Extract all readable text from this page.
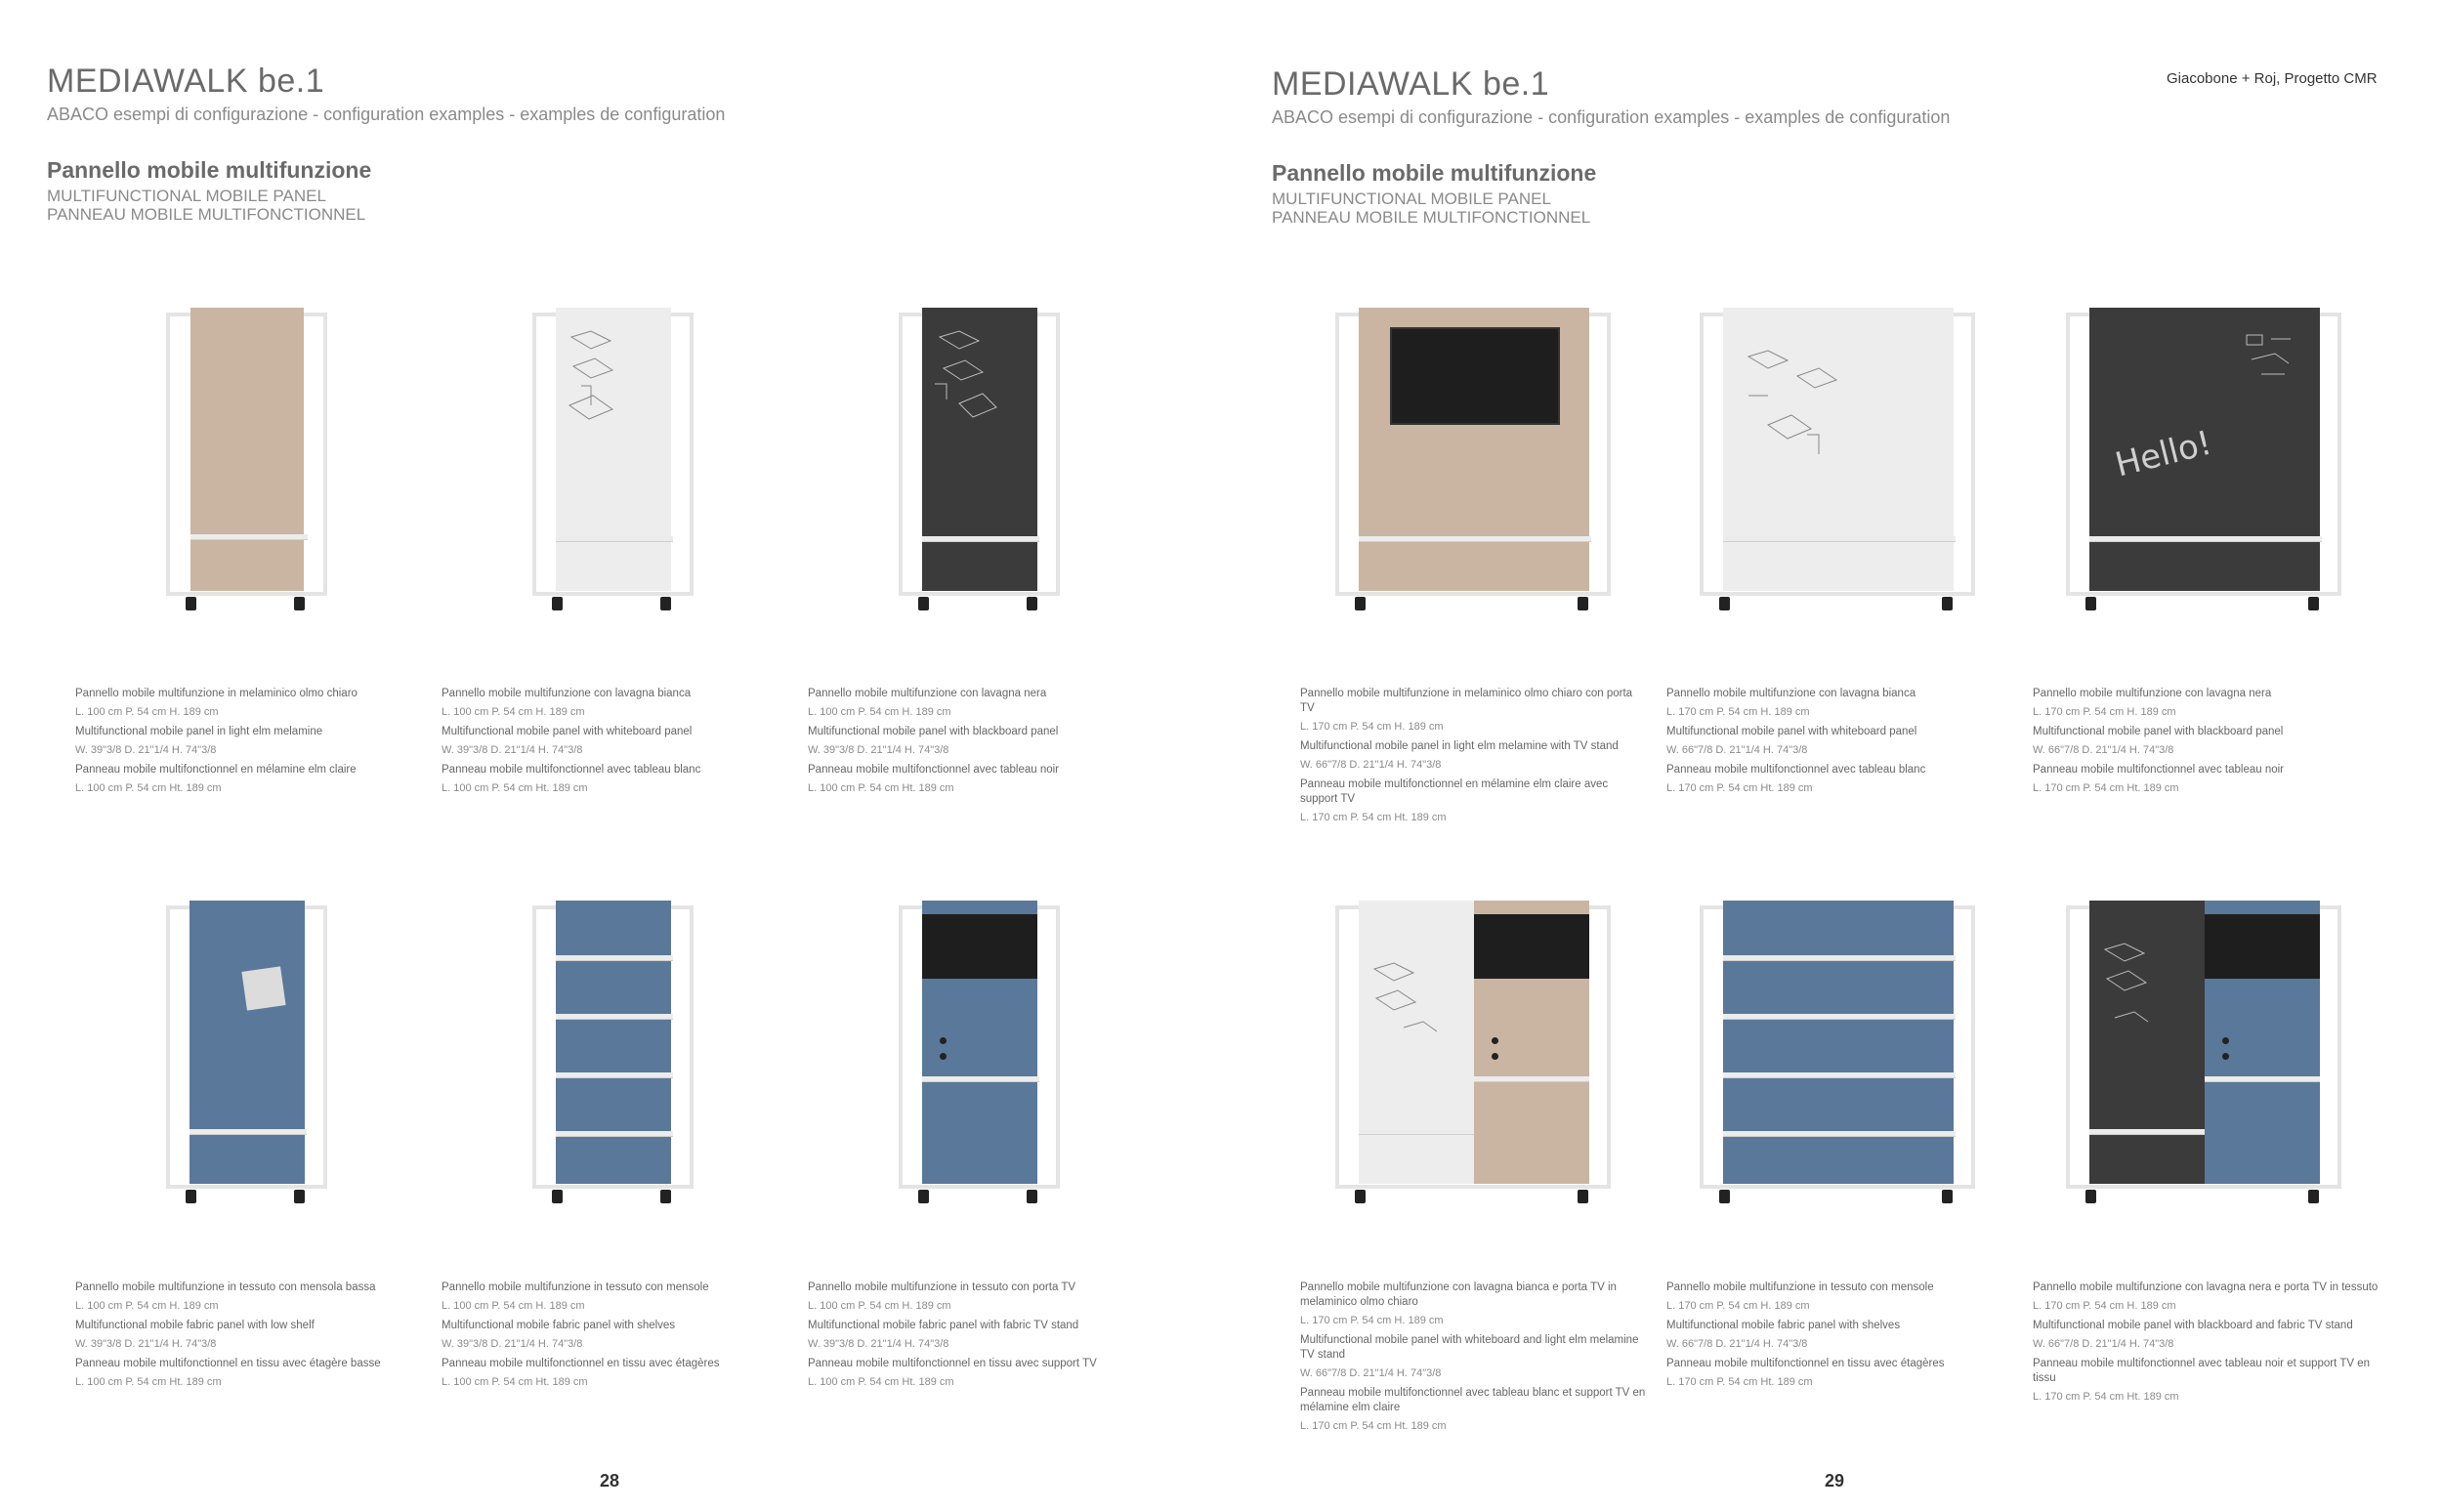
MEDIAWALK be.1
ABACO esempi di configurazione - configuration examples - examples de configuration
Pannello mobile multifunzione
MULTIFUNCTIONAL MOBILE PANEL
PANNEAU MOBILE MULTIFONCTIONNEL

Pannello mobile multifunzione in melaminico olmo chiaro

L. 100 cm P. 54 cm H. 189 cm

Multifunctional mobile panel in light elm melamine

W. 39"3/8 D. 21"1/4 H. 74"3/8

Panneau mobile multifonctionnel en mélamine elm claire

L. 100 cm P. 54 cm Ht. 189 cm

Pannello mobile multifunzione con lavagna bianca

L. 100 cm P. 54 cm H. 189 cm

Multifunctional mobile panel with whiteboard panel

W. 39"3/8 D. 21"1/4 H. 74"3/8

Panneau mobile multifonctionnel avec tableau blanc

L. 100 cm P. 54 cm Ht. 189 cm

Pannello mobile multifunzione con lavagna nera

L. 100 cm P. 54 cm H. 189 cm

Multifunctional mobile panel with blackboard panel

W. 39"3/8 D. 21"1/4 H. 74"3/8

Panneau mobile multifonctionnel avec tableau noir

L. 100 cm P. 54 cm Ht. 189 cm

Pannello mobile multifunzione in tessuto con mensola bassa

L. 100 cm P. 54 cm H. 189 cm

Multifunctional mobile fabric panel with low shelf

W. 39"3/8 D. 21"1/4 H. 74"3/8

Panneau mobile multifonctionnel en tissu avec étagère basse

L. 100 cm P. 54 cm Ht. 189 cm

Pannello mobile multifunzione in tessuto con mensole

L. 100 cm P. 54 cm H. 189 cm

Multifunctional mobile fabric panel with shelves

W. 39"3/8 D. 21"1/4 H. 74"3/8

Panneau mobile multifonctionnel en tissu avec étagères

L. 100 cm P. 54 cm Ht. 189 cm

Pannello mobile multifunzione in tessuto con porta TV

L. 100 cm P. 54 cm H. 189 cm

Multifunctional mobile fabric panel with fabric TV stand

W. 39"3/8 D. 21"1/4 H. 74"3/8

Panneau mobile multifonctionnel en tissu avec support TV

L. 100 cm P. 54 cm Ht. 189 cm

28
MEDIAWALK be.1
ABACO esempi di configurazione - configuration examples - examples de configuration
Giacobone + Roj, Progetto CMR
Pannello mobile multifunzione
MULTIFUNCTIONAL MOBILE PANEL
PANNEAU MOBILE MULTIFONCTIONNEL
Hello!

Pannello mobile multifunzione in melaminico olmo chiaro con porta TV

L. 170 cm P. 54 cm H. 189 cm

Multifunctional mobile panel in light elm melamine with TV stand

W. 66"7/8 D. 21"1/4 H. 74"3/8

Panneau mobile multifonctionnel en mélamine elm claire avec support TV

L. 170 cm P. 54 cm Ht. 189 cm

Pannello mobile multifunzione con lavagna bianca

L. 170 cm P. 54 cm H. 189 cm

Multifunctional mobile panel with whiteboard panel

W. 66"7/8 D. 21"1/4 H. 74"3/8

Panneau mobile multifonctionnel avec tableau blanc

L. 170 cm P. 54 cm Ht. 189 cm

Pannello mobile multifunzione con lavagna nera

L. 170 cm P. 54 cm H. 189 cm

Multifunctional mobile panel with blackboard panel

W. 66"7/8 D. 21"1/4 H. 74"3/8

Panneau mobile multifonctionnel avec tableau noir

L. 170 cm P. 54 cm Ht. 189 cm

Pannello mobile multifunzione con lavagna bianca e porta TV in melaminico olmo chiaro

L. 170 cm P. 54 cm H. 189 cm

Multifunctional mobile panel with whiteboard and light elm melamine TV stand

W. 66"7/8 D. 21"1/4 H. 74"3/8

Panneau mobile multifonctionnel avec tableau blanc et support TV en mélamine elm claire

L. 170 cm P. 54 cm Ht. 189 cm

Pannello mobile multifunzione in tessuto con mensole

L. 170 cm P. 54 cm H. 189 cm

Multifunctional mobile fabric panel with shelves

W. 66"7/8 D. 21"1/4 H. 74"3/8

Panneau mobile multifonctionnel en tissu avec étagères

L. 170 cm P. 54 cm Ht. 189 cm

Pannello mobile multifunzione con lavagna nera e porta TV in tessuto

L. 170 cm P. 54 cm H. 189 cm

Multifunctional mobile panel with blackboard and fabric TV stand

W. 66"7/8 D. 21"1/4 H. 74"3/8

Panneau mobile multifonctionnel avec tableau noir et support TV en tissu

L. 170 cm P. 54 cm Ht. 189 cm

29
